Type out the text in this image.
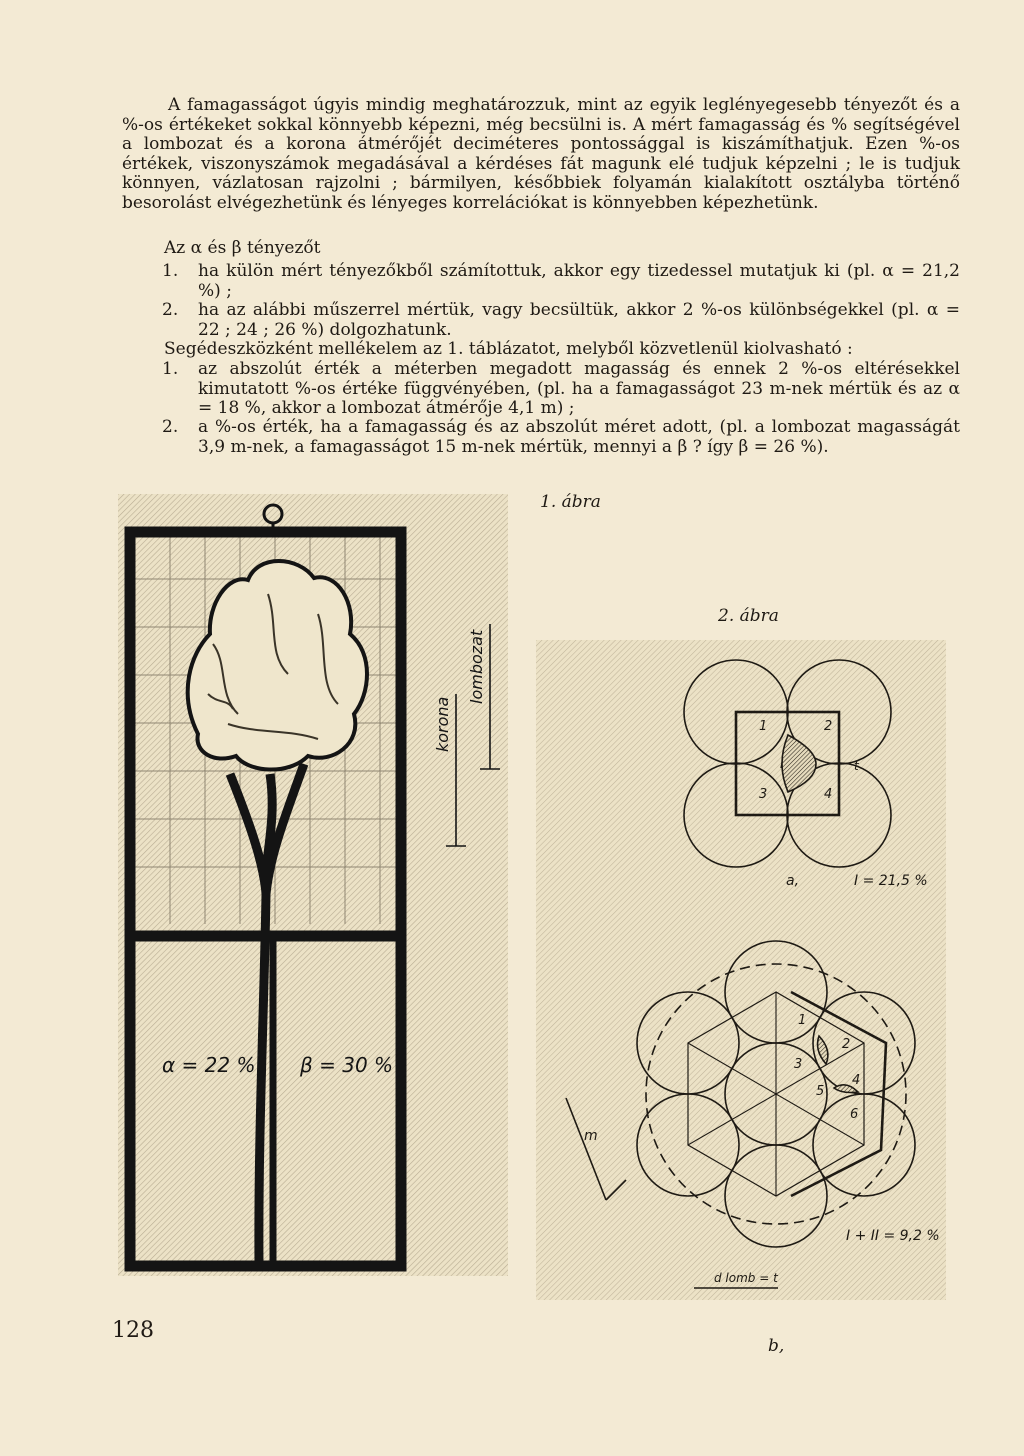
A famagasságot úgyis mindig meghatározzuk, mint az egyik leglényegesebb tényezőt és a %-os értékeket sokkal könnyebb képezni, még becsülni is. A mért famagasság és % segítségével a lombozat és a korona átmérőjét deciméteres pontossággal is kiszámíthatjuk. Ezen %-os értékek, viszonyszámok megadásával a kérdéses fát magunk elé tudjuk képzelni ; le is tudjuk könnyen, vázlatosan rajzolni ; bármilyen, későbbiek folyamán kialakított osztályba történő besorolást elvégezhetünk és lényeges korrelációkat is könnyebben képezhetünk.

Az α és β tényezőt

1. ha külön mért tényezőkből számítottuk, akkor egy tizedessel mutatjuk ki (pl. α = 21,2 %) ;
2. ha az alábbi műszerrel mértük, vagy becsültük, akkor 2 %-os különbségekkel (pl. α = 22 ; 24 ; 26 %) dolgozhatunk.

Segédeszközként mellékelem az 1. táblázatot, melyből közvetlenül kiolvasható :

1. az abszolút érték a méterben megadott magasság és ennek 2 %-os eltérésekkel kimutatott %-os értéke függvényében, (pl. ha a famagasságot 23 m-nek mértük és az α = 18 %, akkor a lombozat átmérője 4,1 m) ;
2. a %-os érték, ha a famagasság és az abszolút méret adott, (pl. a lombozat magasságát 3,9 m-nek, a famagasságot 15 m-nek mértük, mennyi a β ? így β = 26 %).
1. ábra
korona
lombozat
α = 22 % β = 30 %
2. ábra
1	2
3	4
I	t
a,	I = 21,5 %
1
2
3
4
5
6
m
I + II = 9,2 %
d lomb = t
b,
128
